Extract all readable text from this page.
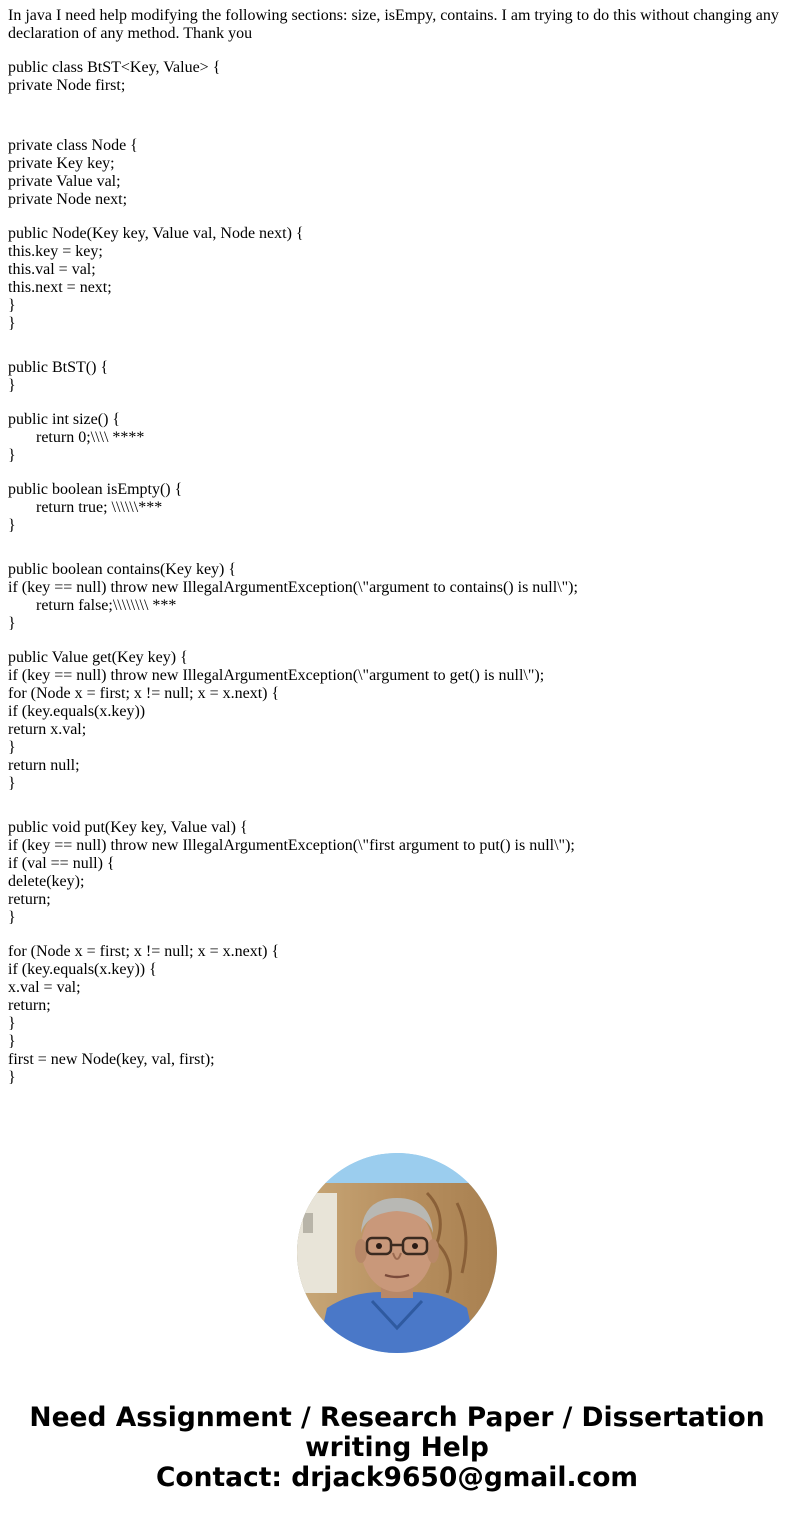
In java I need help modifying the following sections: size, isEmpy, contains. I am trying to do this without changing any declaration of any method. Thank you
public class BtST<Key, Value> {
private Node first;
private class Node {
private Key key;
private Value val;
private Node next;
public Node(Key key, Value val, Node next) {
this.key = key;
this.val = val;
this.next = next;
}
}
public BtST() {
}
public int size() {
return 0;\\\\ ****
}
public boolean isEmpty() {
return true; \\\\\\***
}
public boolean contains(Key key) {
if (key == null) throw new IllegalArgumentException(\"argument to contains() is null\");
return false;\\\\\\\\ ***
}
public Value get(Key key) {
if (key == null) throw new IllegalArgumentException(\"argument to get() is null\");
for (Node x = first; x != null; x = x.next) {
if (key.equals(x.key))
return x.val;
}
return null;
}
public void put(Key key, Value val) {
if (key == null) throw new IllegalArgumentException(\"first argument to put() is null\");
if (val == null) {
delete(key);
return;
}
for (Node x = first; x != null; x = x.next) {
if (key.equals(x.key)) {
x.val = val;
return;
}
}
first = new Node(key, val, first);
}
Need Assignment / Research Paper / Dissertation
writing Help
Contact: drjack9650@gmail.com
